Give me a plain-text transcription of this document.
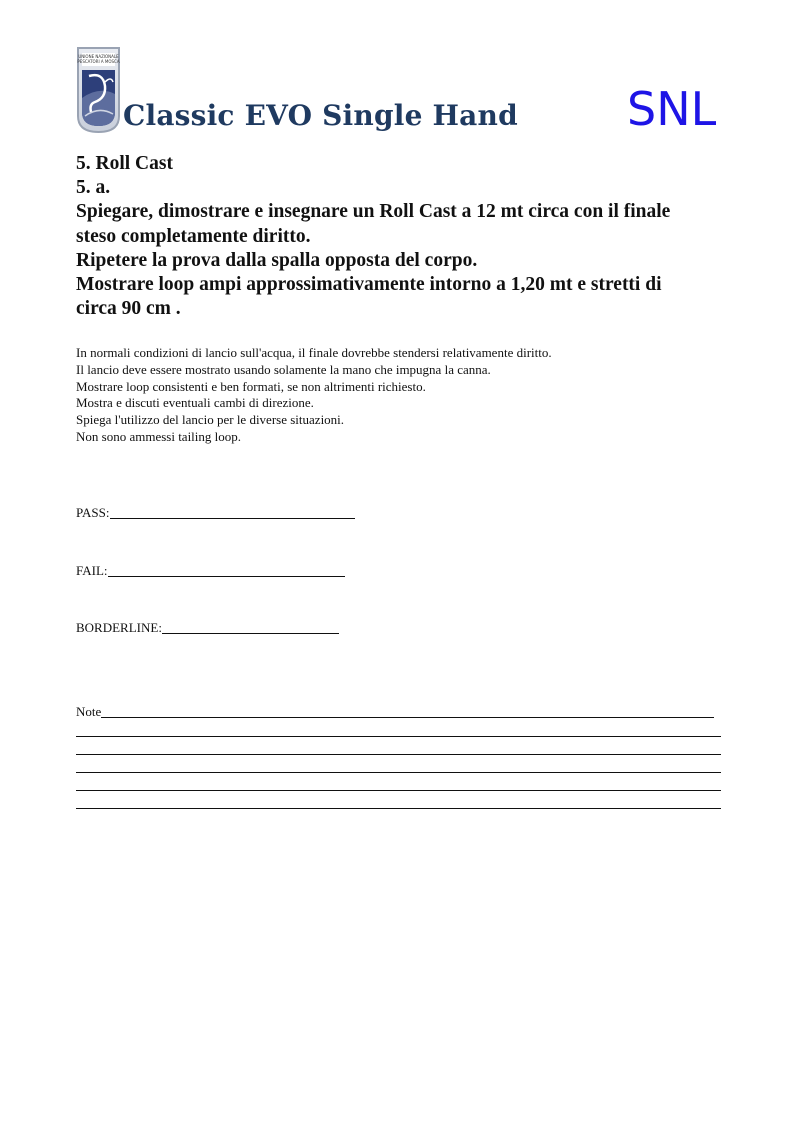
UNIONE NAZIONALE
PESCATORI A MOSCA
Classic EVO Single Hand SNL
5. Roll Cast
5. a.
Spiegare, dimostrare e insegnare un Roll Cast a 12 mt circa con il finale
steso completamente diritto.
Ripetere la prova dalla spalla opposta del corpo.
Mostrare loop ampi approssimativamente intorno a 1,20 mt e stretti di
circa 90 cm .
In normali condizioni di lancio sull'acqua, il finale dovrebbe stendersi relativamente diritto.
Il lancio deve essere mostrato usando solamente la mano che impugna la canna.
Mostrare loop consistenti e ben formati, se non altrimenti richiesto.
Mostra e discuti eventuali cambi di direzione.
Spiega l'utilizzo del lancio per le diverse situazioni.
Non sono ammessi tailing loop.
PASS:
FAIL:
BORDERLINE:
Note
